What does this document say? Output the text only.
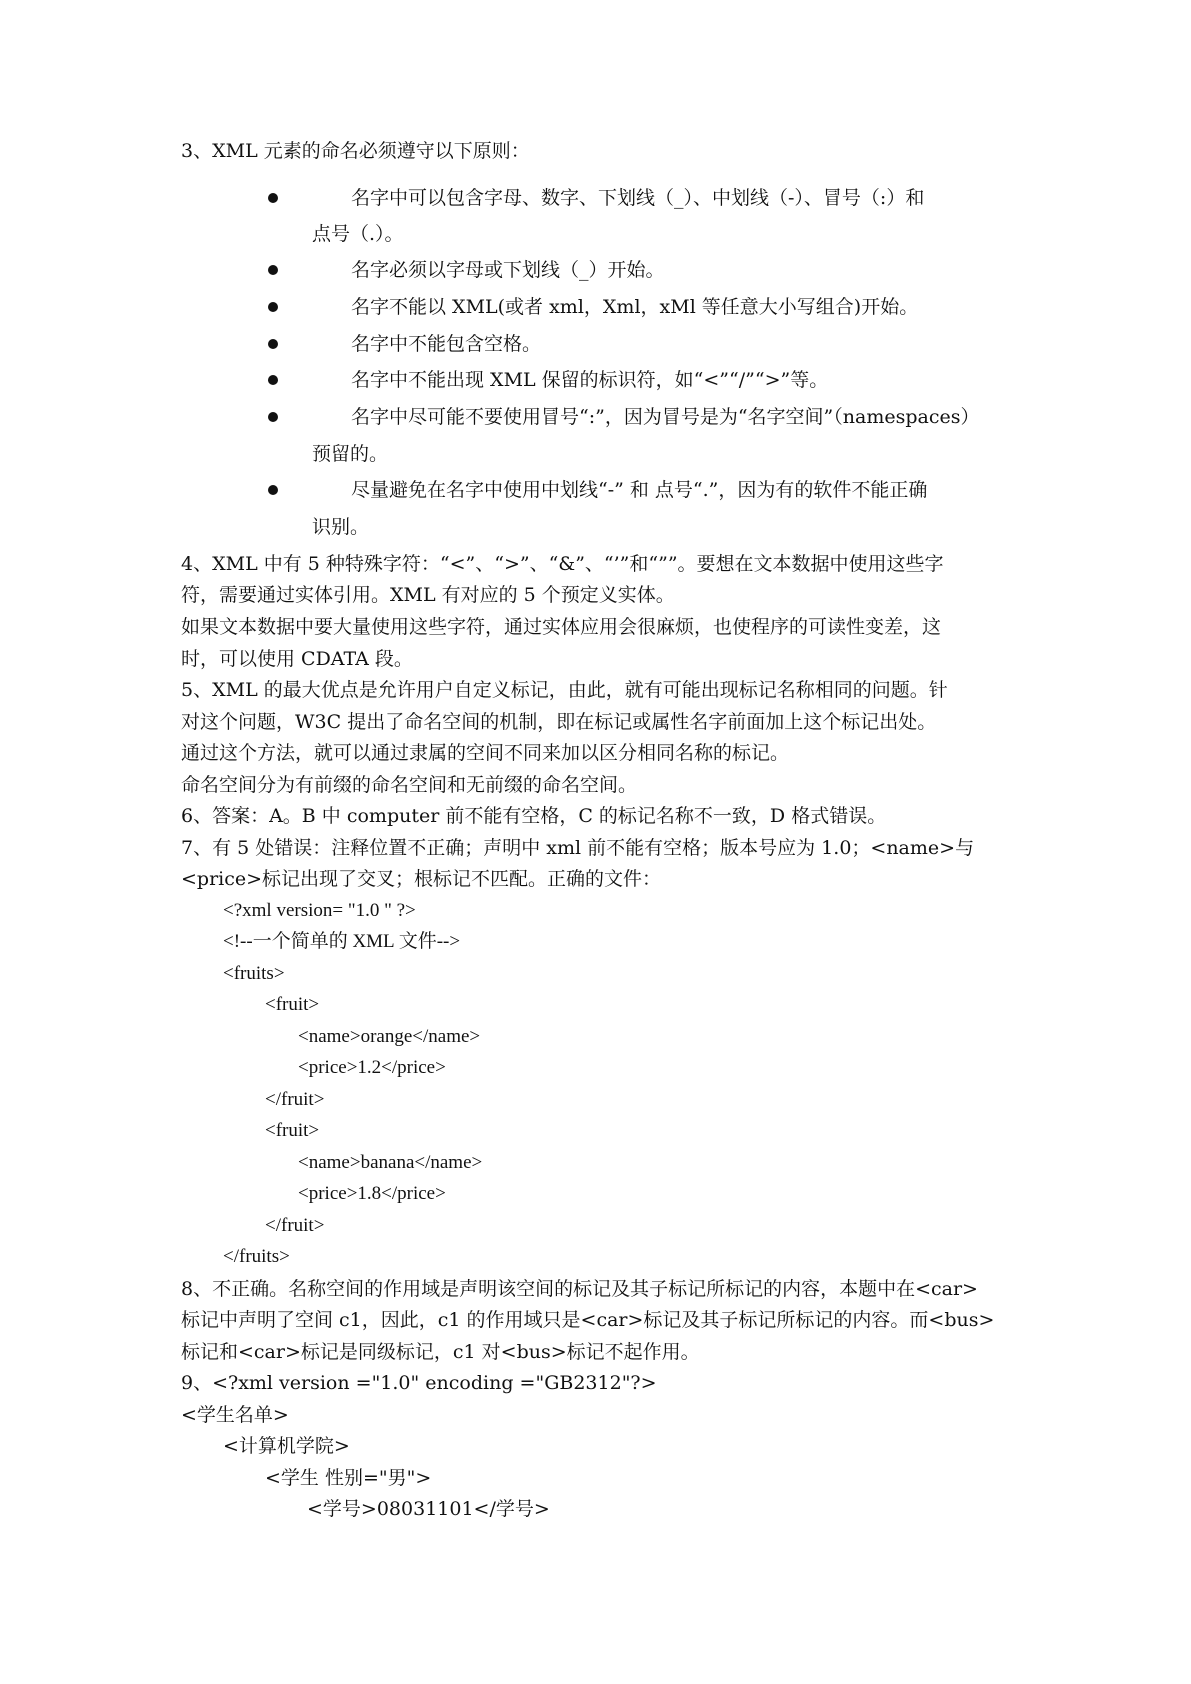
3、XML 元素的命名必须遵守以下原则：
名字中可以包含字母、数字、下划线（_）、中划线（-）、冒号（:）和
点号（.）。
名字必须以字母或下划线（_）开始。
名字不能以 XML(或者 xml，Xml，xMl 等任意大小写组合)开始。
名字中不能包含空格。
名字中不能出现 XML 保留的标识符，如“<”“/”“>”等。
名字中尽可能不要使用冒号“:”，因为冒号是为“名字空间”（namespaces）
预留的。
尽量避免在名字中使用中划线“-” 和 点号“.”，因为有的软件不能正确
识别。
4、XML 中有 5 种特殊字符：“<”、“>”、“&”、“’”和“””。要想在文本数据中使用这些字
符，需要通过实体引用。XML 有对应的 5 个预定义实体。
如果文本数据中要大量使用这些字符，通过实体应用会很麻烦，也使程序的可读性变差，这
时，可以使用 CDATA 段。
5、XML 的最大优点是允许用户自定义标记，由此，就有可能出现标记名称相同的问题。针
对这个问题，W3C 提出了命名空间的机制，即在标记或属性名字前面加上这个标记出处。
通过这个方法，就可以通过隶属的空间不同来加以区分相同名称的标记。
命名空间分为有前缀的命名空间和无前缀的命名空间。
6、答案：A。B 中 computer 前不能有空格，C 的标记名称不一致，D 格式错误。
7、有 5 处错误：注释位置不正确；声明中 xml 前不能有空格；版本号应为 1.0；<name>与
<price>标记出现了交叉；根标记不匹配。正确的文件：
<?xml version= "1.0 " ?>
<!--一个简单的 XML 文件-->
<fruits>
<fruit>
<name>orange</name>
<price>1.2</price>
</fruit>
<fruit>
<name>banana</name>
<price>1.8</price>
</fruit>
</fruits>
8、不正确。名称空间的作用域是声明该空间的标记及其子标记所标记的内容，本题中在<car>
标记中声明了空间 c1，因此，c1 的作用域只是<car>标记及其子标记所标记的内容。而<bus>
标记和<car>标记是同级标记，c1 对<bus>标记不起作用。
9、<?xml version ="1.0" encoding ="GB2312"?>
<学生名单>
<计算机学院>
<学生 性别="男">
<学号>08031101</学号>
